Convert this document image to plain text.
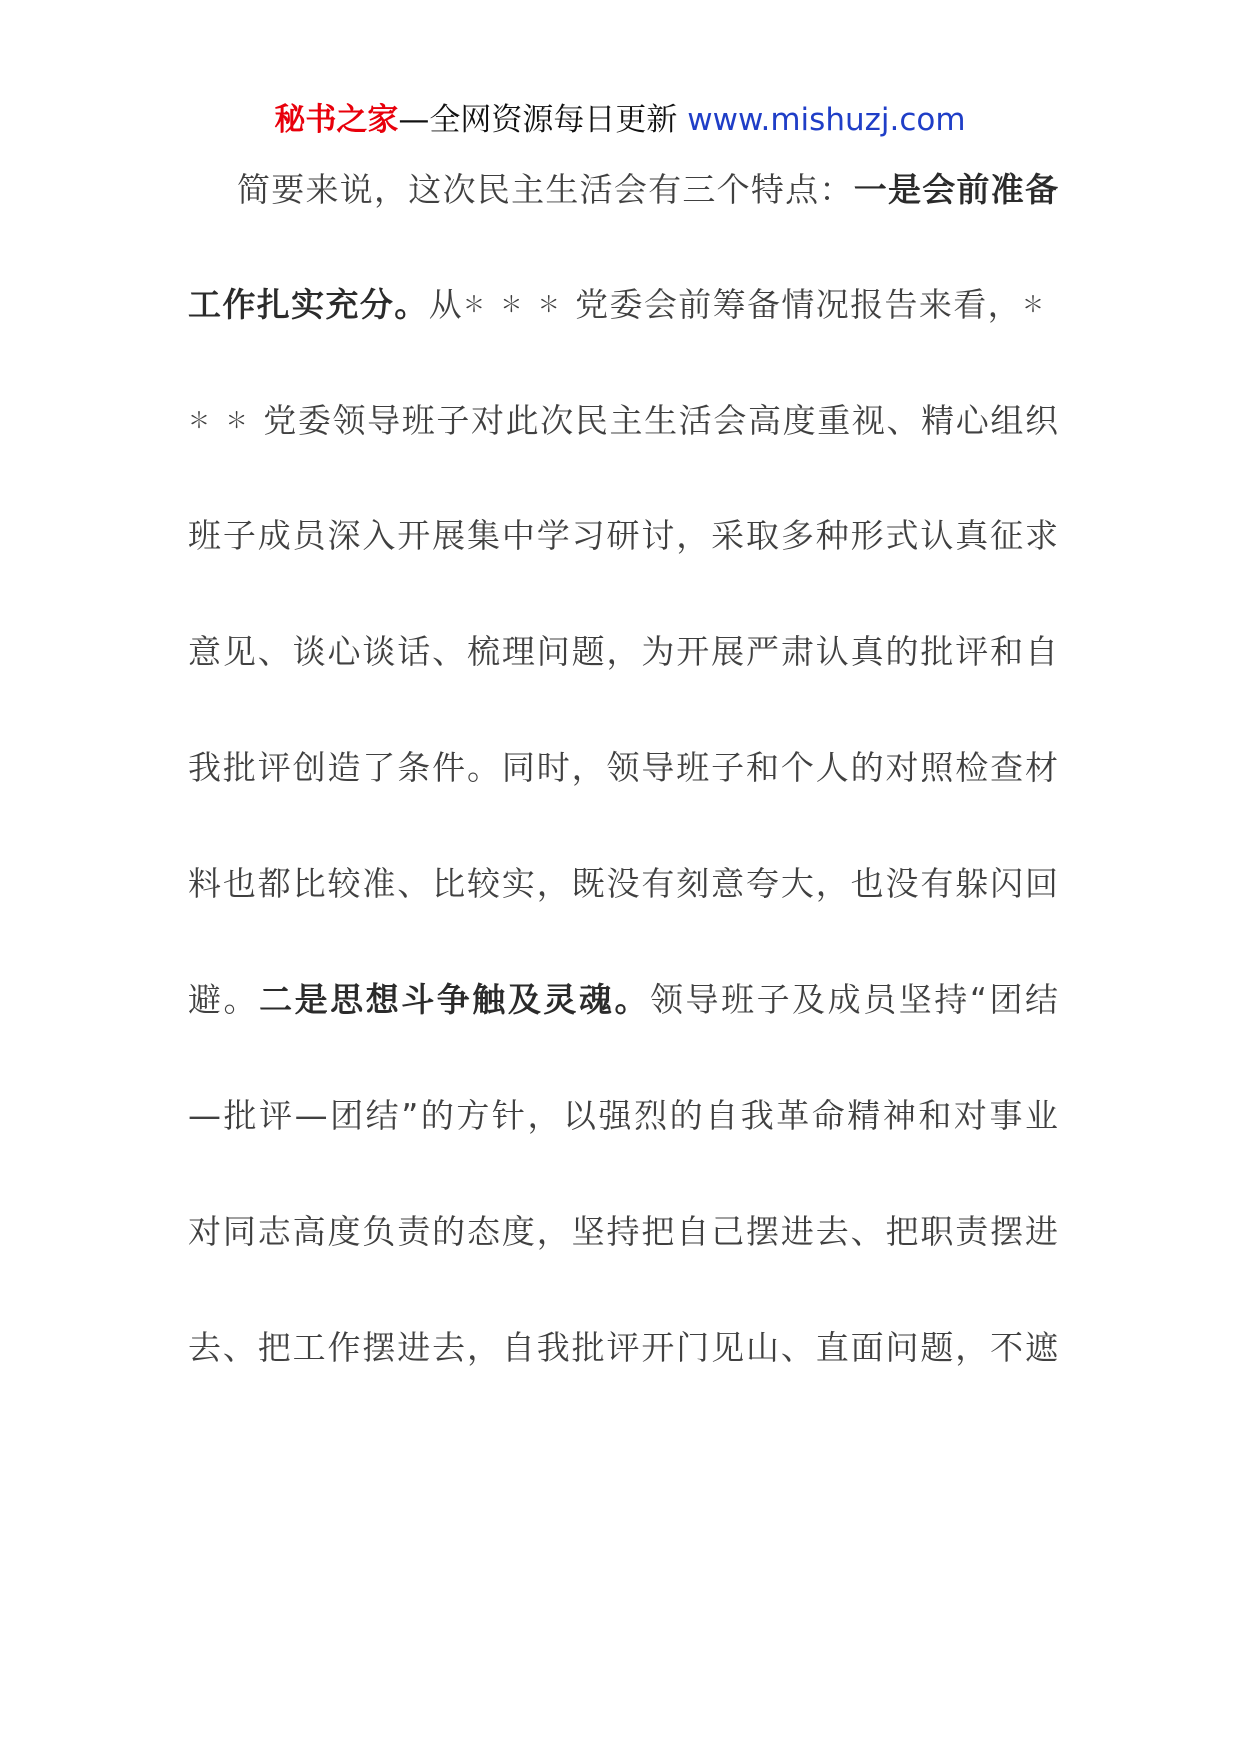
秘书之家—全网资源每日更新 www.mishuzj.com
简要来说，这次民主生活会有三个特点：一是会前准备
工作扎实充分。从＊＊＊党委会前筹备情况报告来看，＊
＊＊党委领导班子对此次民主生活会高度重视、精心组织
班子成员深入开展集中学习研讨，采取多种形式认真征求
意见、谈心谈话、梳理问题，为开展严肃认真的批评和自
我批评创造了条件。同时，领导班子和个人的对照检查材
料也都比较准、比较实，既没有刻意夸大，也没有躲闪回
避。二是思想斗争触及灵魂。领导班子及成员坚持“团结
—批评—团结”的方针，以强烈的自我革命精神和对事业
对同志高度负责的态度，坚持把自己摆进去、把职责摆进
去、把工作摆进去，自我批评开门见山、直面问题，不遮
